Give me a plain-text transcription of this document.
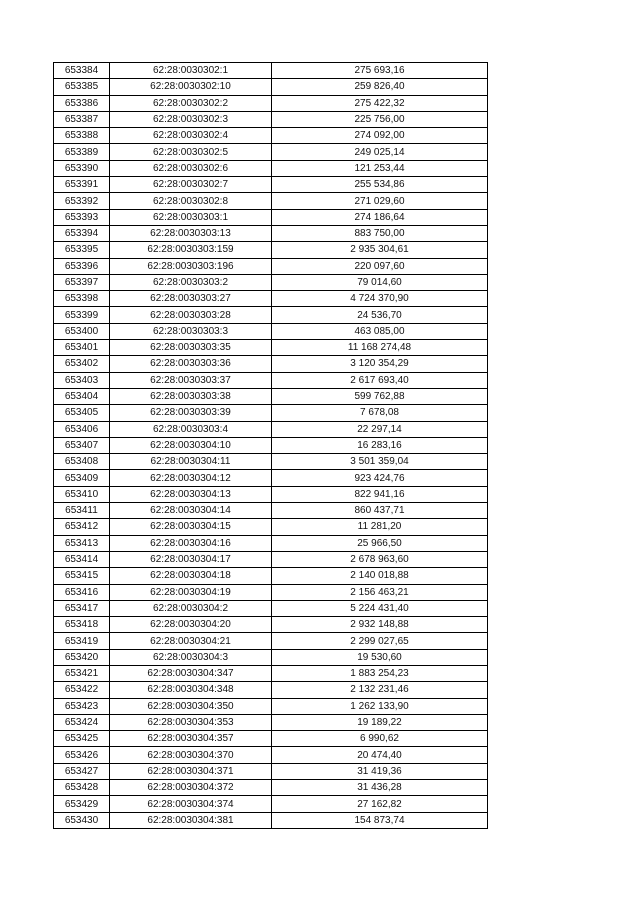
653384	62:28:0030302:1	275 693,16
653385	62:28:0030302:10	259 826,40
653386	62:28:0030302:2	275 422,32
653387	62:28:0030302:3	225 756,00
653388	62:28:0030302:4	274 092,00
653389	62:28:0030302:5	249 025,14
653390	62:28:0030302:6	121 253,44
653391	62:28:0030302:7	255 534,86
653392	62:28:0030302:8	271 029,60
653393	62:28:0030303:1	274 186,64
653394	62:28:0030303:13	883 750,00
653395	62:28:0030303:159	2 935 304,61
653396	62:28:0030303:196	220 097,60
653397	62:28:0030303:2	79 014,60
653398	62:28:0030303:27	4 724 370,90
653399	62:28:0030303:28	24 536,70
653400	62:28:0030303:3	463 085,00
653401	62:28:0030303:35	11 168 274,48
653402	62:28:0030303:36	3 120 354,29
653403	62:28:0030303:37	2 617 693,40
653404	62:28:0030303:38	599 762,88
653405	62:28:0030303:39	7 678,08
653406	62:28:0030303:4	22 297,14
653407	62:28:0030304:10	16 283,16
653408	62:28:0030304:11	3 501 359,04
653409	62:28:0030304:12	923 424,76
653410	62:28:0030304:13	822 941,16
653411	62:28:0030304:14	860 437,71
653412	62:28:0030304:15	11 281,20
653413	62:28:0030304:16	25 966,50
653414	62:28:0030304:17	2 678 963,60
653415	62:28:0030304:18	2 140 018,88
653416	62:28:0030304:19	2 156 463,21
653417	62:28:0030304:2	5 224 431,40
653418	62:28:0030304:20	2 932 148,88
653419	62:28:0030304:21	2 299 027,65
653420	62:28:0030304:3	19 530,60
653421	62:28:0030304:347	1 883 254,23
653422	62:28:0030304:348	2 132 231,46
653423	62:28:0030304:350	1 262 133,90
653424	62:28:0030304:353	19 189,22
653425	62:28:0030304:357	6 990,62
653426	62:28:0030304:370	20 474,40
653427	62:28:0030304:371	31 419,36
653428	62:28:0030304:372	31 436,28
653429	62:28:0030304:374	27 162,82
653430	62:28:0030304:381	154 873,74
